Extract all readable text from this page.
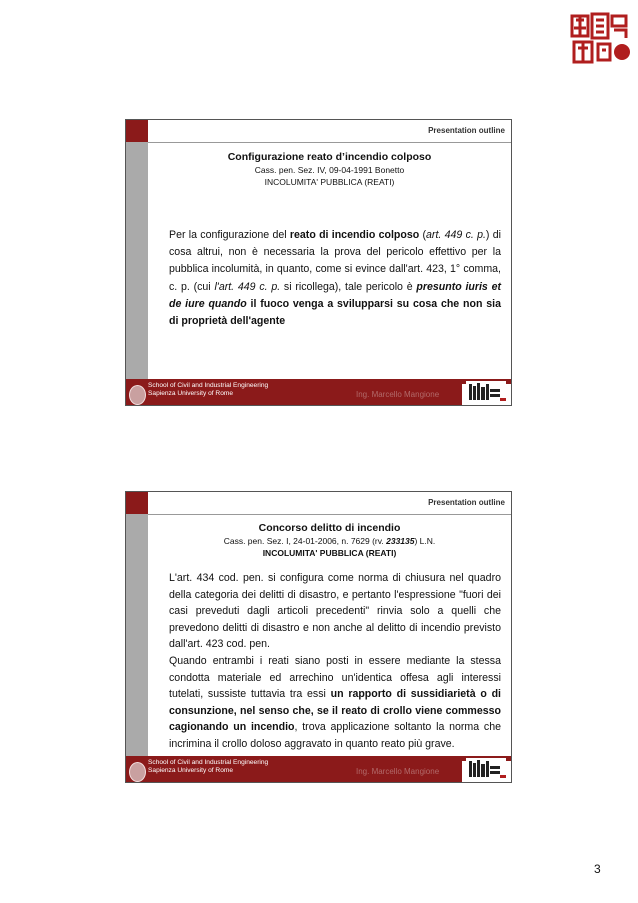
Presentation outline
Configurazione reato d’incendio colposo
Cass. pen. Sez. IV, 09-04-1991 Bonetto
INCOLUMITA' PUBBLICA (REATI)

Per la configurazione del reato di incendio colposo (art. 449 c. p.) di cosa altrui, non è necessaria la prova del pericolo effettivo per la pubblica incolumità, in quanto, come si evince dall'art. 423, 1° comma, c. p. (cui l'art. 449 c. p. si ricollega), tale pericolo è presunto iuris et de iure quando il fuoco venga a svilupparsi su cosa che non sia di proprietà dell'agente

School of Civil and Industrial Engineering
Sapienza University of Rome	Ing. Marcello Mangione
Presentation outline
Concorso delitto di incendio
Cass. pen. Sez. I, 24-01-2006, n. 7629 (rv. 233135) L.N.
INCOLUMITA' PUBBLICA (REATI)

L'art. 434 cod. pen. si configura come norma di chiusura nel quadro della categoria dei delitti di disastro, e pertanto l'espressione "fuori dei casi preveduti dagli articoli precedenti" rinvia solo a quelli che prevedono delitti di disastro e non anche al delitto di incendio previsto dall'art. 423 cod. pen.

Quando entrambi i reati siano posti in essere mediante la stessa condotta materiale ed arrechino un'identica offesa agli interessi tutelati, sussiste tuttavia tra essi un rapporto di sussidiarietà o di consunzione, nel senso che, se il reato di crollo viene commesso cagionando un incendio, trova applicazione soltanto la norma che incrimina il crollo doloso aggravato in quanto reato più grave.

School of Civil and Industrial Engineering
Sapienza University of Rome	Ing. Marcello Mangione
3
